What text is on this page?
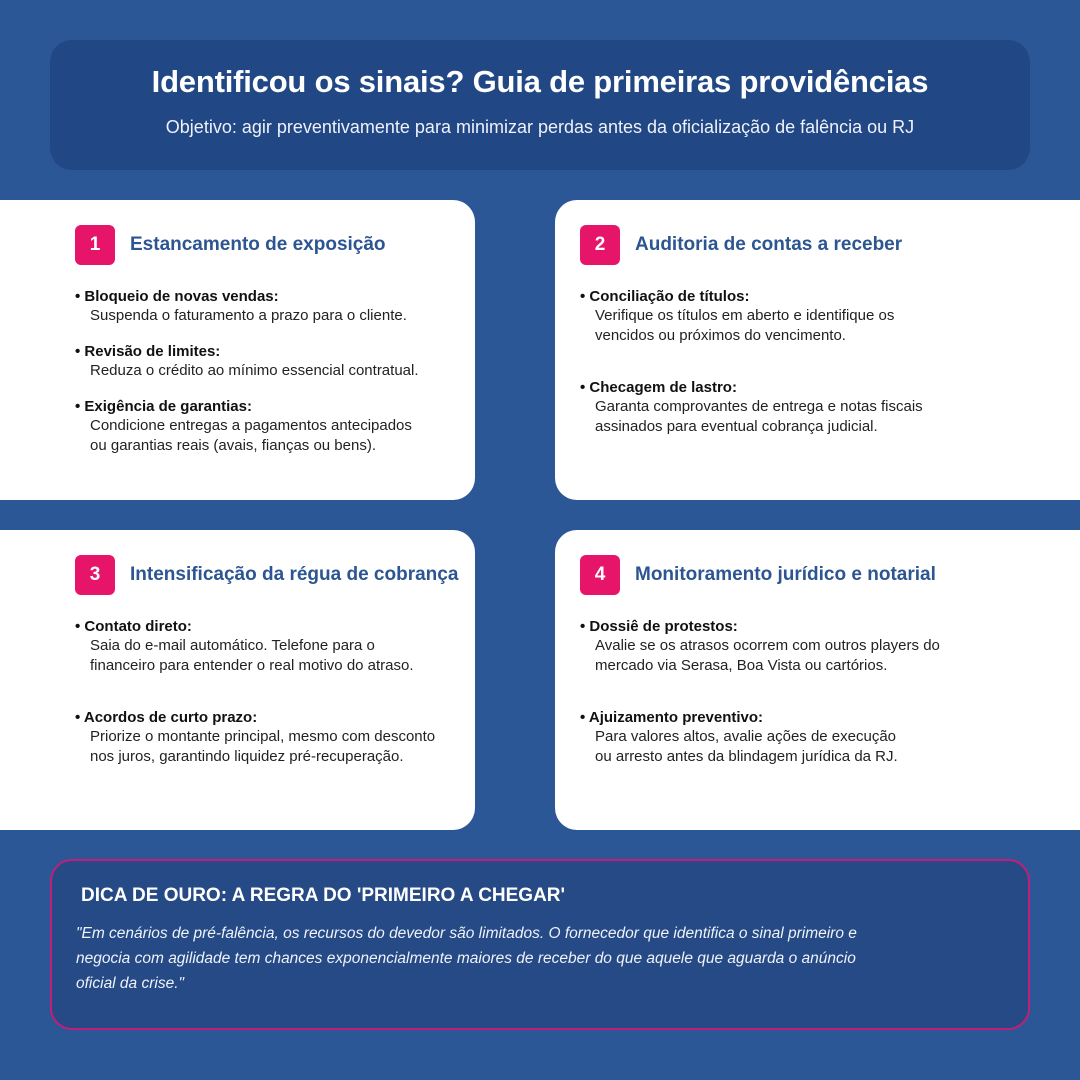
Identificou os sinais? Guia de primeiras providências

Objetivo: agir preventivamente para minimizar perdas antes da oficialização de falência ou RJ

1	Estancamento de exposição
• Bloqueio de novas vendas:
Suspenda o faturamento a prazo para o cliente.
• Revisão de limites:
Reduza o crédito ao mínimo essencial contratual.
• Exigência de garantias:
Condicione entregas a pagamentos antecipados ou garantias reais (avais, fianças ou bens).
2	Auditoria de contas a receber
• Conciliação de títulos:
Verifique os títulos em aberto e identifique os vencidos ou próximos do vencimento.
• Checagem de lastro:
Garanta comprovantes de entrega e notas fiscais assinados para eventual cobrança judicial.
3	Intensificação da régua de cobrança
• Contato direto:
Saia do e-mail automático. Telefone para o financeiro para entender o real motivo do atraso.
• Acordos de curto prazo:
Priorize o montante principal, mesmo com desconto nos juros, garantindo liquidez pré-recuperação.
4	Monitoramento jurídico e notarial
• Dossiê de protestos:
Avalie se os atrasos ocorrem com outros players do mercado via Serasa, Boa Vista ou cartórios.
• Ajuizamento preventivo:
Para valores altos, avalie ações de execução ou arresto antes da blindagem jurídica da RJ.
DICA DE OURO: A REGRA DO 'PRIMEIRO A CHEGAR'

"Em cenários de pré-falência, os recursos do devedor são limitados. O fornecedor que identifica o sinal primeiro e negocia com agilidade tem chances exponencialmente maiores de receber do que aquele que aguarda o anúncio oficial da crise."
